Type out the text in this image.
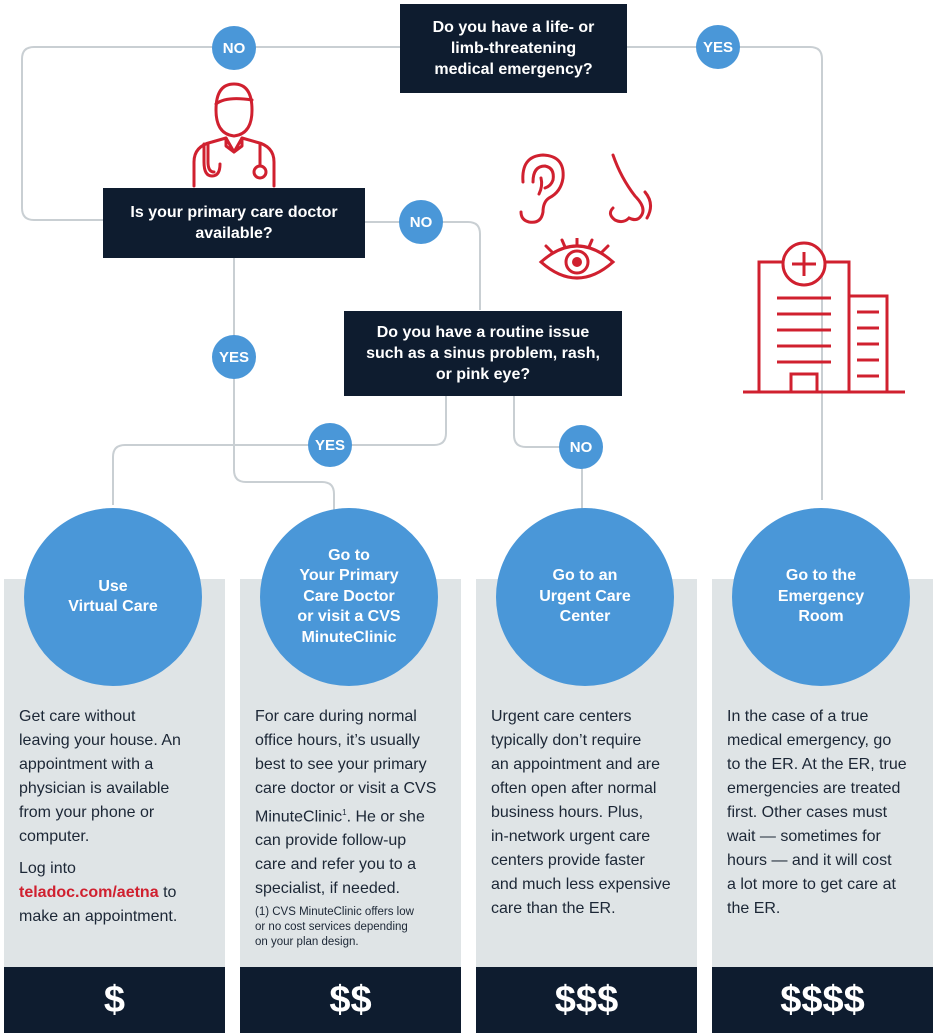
Do you have a life- or
limb-threatening
medical emergency?
Is your primary care doctor
available?
Do you have a routine issue
such as a sinus problem, rash,
or pink eye?
NO	YES
NO
YES
YES	NO
Use
Virtual Care
Go to
Your Primary
Care Doctor
or visit a CVS
MinuteClinic
Go to an
Urgent Care
Center
Go to the
Emergency
Room
Get care without
leaving your house. An
appointment with a
physician is available
from your phone or
computer.
Log into
teladoc.com/aetna to
make an appointment.
For care during normal
office hours, it’s usually
best to see your primary
care doctor or visit a CVS
MinuteClinic$^1$. He or she
can provide follow-up
care and refer you to a
specialist, if needed.
(1) CVS MinuteClinic offers low
or no cost services depending
on your plan design.
Urgent care centers
typically don’t require
an appointment and are
often open after normal
business hours. Plus,
in-network urgent care
centers provide faster
and much less expensive
care than the ER.
In the case of a true
medical emergency, go
to the ER. At the ER, true
emergencies are treated
first. Other cases must
wait — sometimes for
hours — and it will cost
a lot more to get care at
the ER.
$	$$	$$$	$$$$
